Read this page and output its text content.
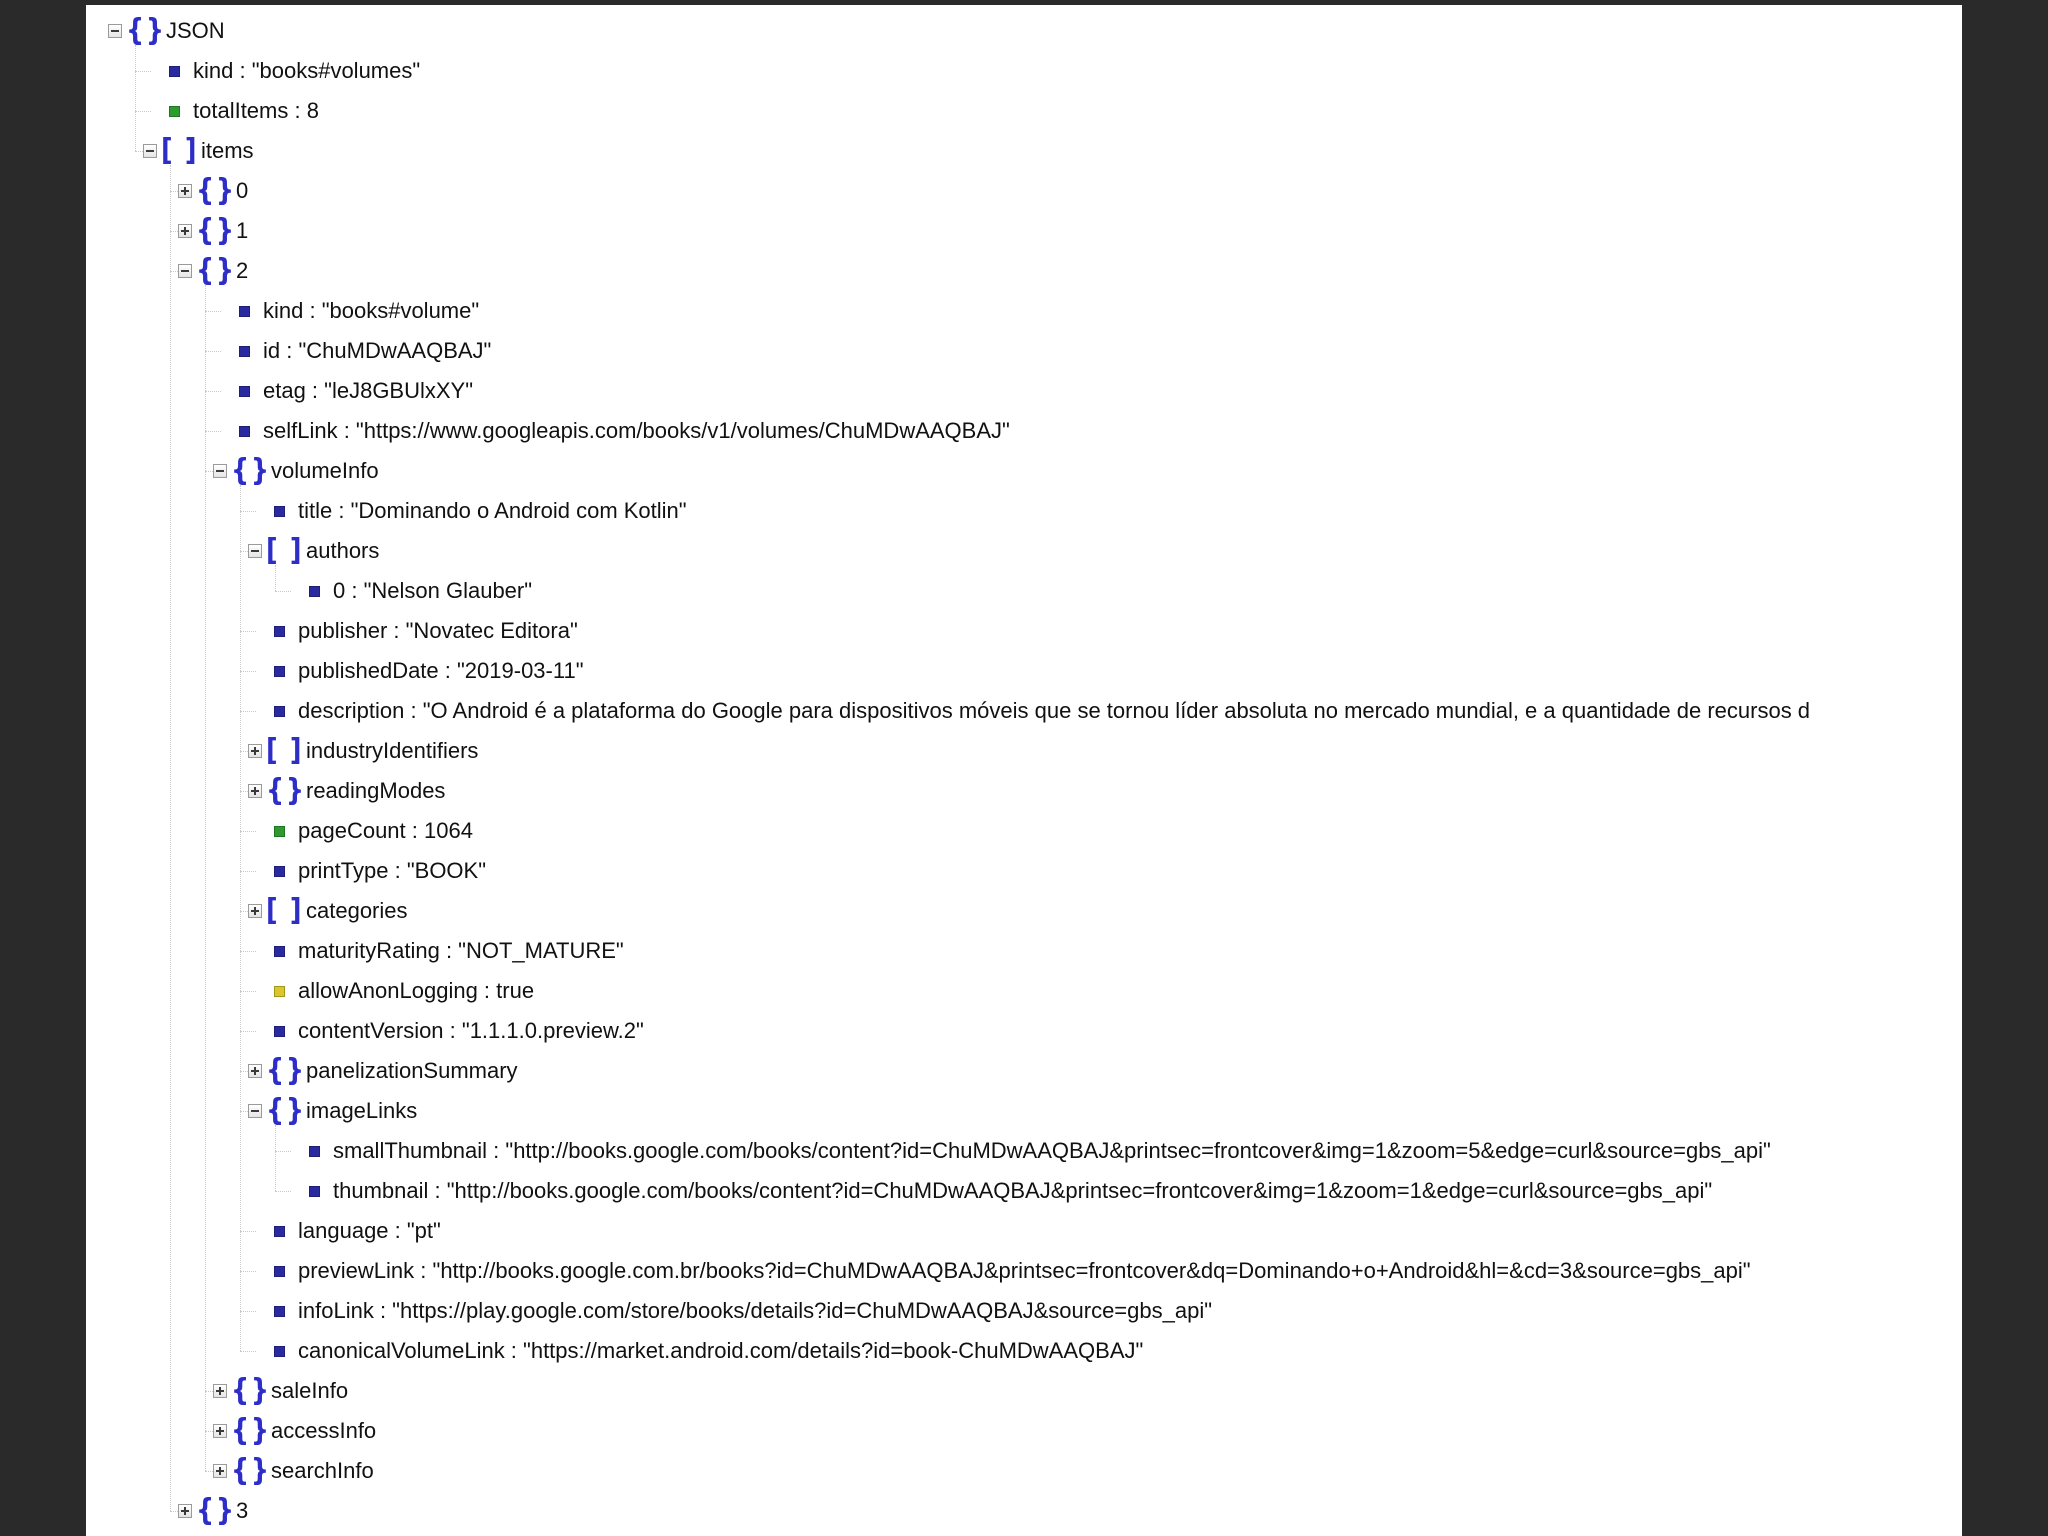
{} JSON
kind : "books#volumes"
totalItems : 8
[ ] items
{} 0
{} 1
{} 2
kind : "books#volume"
id : "ChuMDwAAQBAJ"
etag : "leJ8GBUlxXY"
selfLink : "https://www.googleapis.com/books/v1/volumes/ChuMDwAAQBAJ"
{} volumeInfo
title : "Dominando o Android com Kotlin"
[ ] authors
0 : "Nelson Glauber"
publisher : "Novatec Editora"
publishedDate : "2019-03-11"
description : "O Android é a plataforma do Google para dispositivos móveis que se tornou líder absoluta no mercado mundial, e a quantidade de recursos d
[ ] industryIdentifiers
{} readingModes
pageCount : 1064
printType : "BOOK"
[ ] categories
maturityRating : "NOT_MATURE"
allowAnonLogging : true
contentVersion : "1.1.1.0.preview.2"
{} panelizationSummary
{} imageLinks
smallThumbnail : "http://books.google.com/books/content?id=ChuMDwAAQBAJ&printsec=frontcover&img=1&zoom=5&edge=curl&source=gbs_api"
thumbnail : "http://books.google.com/books/content?id=ChuMDwAAQBAJ&printsec=frontcover&img=1&zoom=1&edge=curl&source=gbs_api"
language : "pt"
previewLink : "http://books.google.com.br/books?id=ChuMDwAAQBAJ&printsec=frontcover&dq=Dominando+o+Android&hl=&cd=3&source=gbs_api"
infoLink : "https://play.google.com/store/books/details?id=ChuMDwAAQBAJ&source=gbs_api"
canonicalVolumeLink : "https://market.android.com/details?id=book-ChuMDwAAQBAJ"
{} saleInfo
{} accessInfo
{} searchInfo
{} 3
